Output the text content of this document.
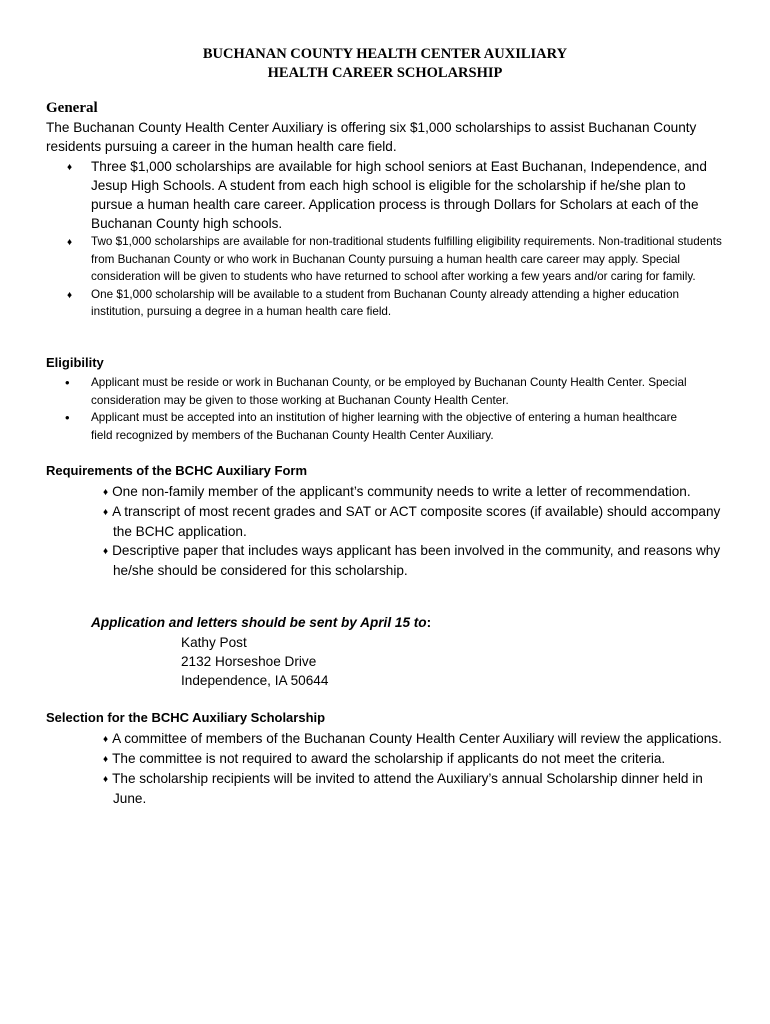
BUCHANAN COUNTY HEALTH CENTER AUXILIARY
HEALTH CAREER SCHOLARSHIP
General
The Buchanan County Health Center Auxiliary is offering six $1,000 scholarships to assist Buchanan County residents pursuing a career in the human health care field.
♦ Three $1,000 scholarships are available for high school seniors at East Buchanan, Independence, and Jesup High Schools. A student from each high school is eligible for the scholarship if he/she plan to pursue a human health care career. Application process is through Dollars for Scholars at each of the Buchanan County high schools.
♦ Two $1,000 scholarships are available for non-traditional students fulfilling eligibility requirements. Non-traditional students from Buchanan County or who work in Buchanan County pursuing a human health care career may apply. Special consideration will be given to students who have returned to school after working a few years and/or caring for family.
♦ One $1,000 scholarship will be available to a student from Buchanan County already attending a higher education institution, pursuing a degree in a human health care field.
Eligibility
• Applicant must be reside or work in Buchanan County, or be employed by Buchanan County Health Center. Special consideration may be given to those working at Buchanan County Health Center.
• Applicant must be accepted into an institution of higher learning with the objective of entering a human healthcare field recognized by members of the Buchanan County Health Center Auxiliary.
Requirements of the BCHC Auxiliary Form
♦ One non-family member of the applicant’s community needs to write a letter of recommendation.
♦ A transcript of most recent grades and SAT or ACT composite scores (if available) should accompany the BCHC application.
♦ Descriptive paper that includes ways applicant has been involved in the community, and reasons why he/she should be considered for this scholarship.
Application and letters should be sent by April 15 to:
Kathy Post
2132 Horseshoe Drive
Independence, IA 50644
Selection for the BCHC Auxiliary Scholarship
♦ A committee of members of the Buchanan County Health Center Auxiliary will review the applications.
♦ The committee is not required to award the scholarship if applicants do not meet the criteria.
♦ The scholarship recipients will be invited to attend the Auxiliary’s annual Scholarship dinner held in June.
